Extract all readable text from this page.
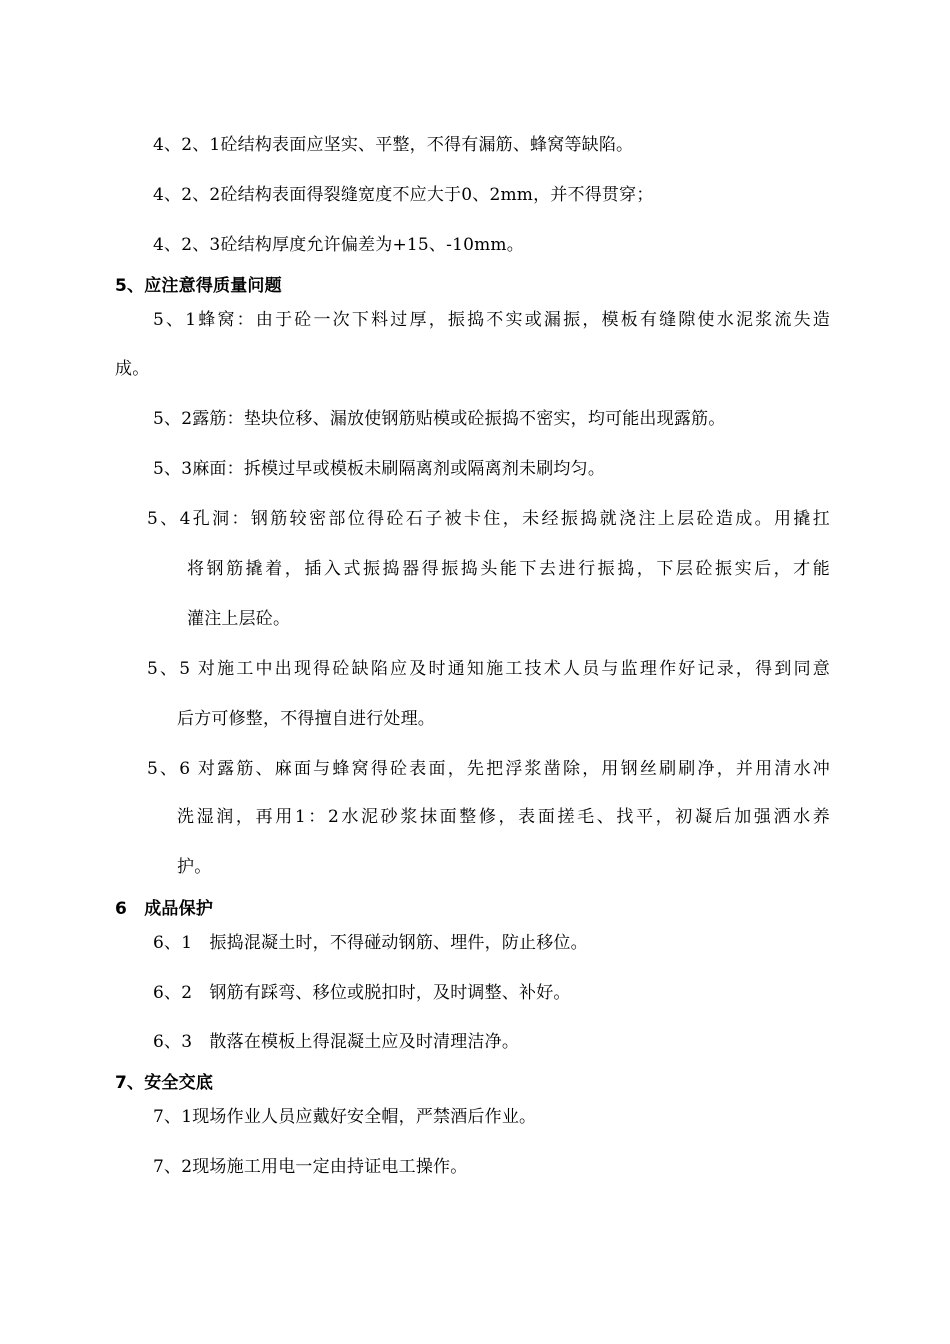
4、2、1砼结构表面应坚实、平整，不得有漏筋、蜂窝等缺陷。
4、2、2砼结构表面得裂缝宽度不应大于0、2mm，并不得贯穿；
4、2、3砼结构厚度允许偏差为+15、-10mm。
5、应注意得质量问题
5、1蜂窝：由于砼一次下料过厚，振捣不实或漏振，模板有缝隙使水泥浆流失造
成。
5、2露筋：垫块位移、漏放使钢筋贴模或砼振捣不密实，均可能出现露筋。
5、3麻面：拆模过早或模板未刷隔离剂或隔离剂未刷均匀。
5、4孔洞：钢筋较密部位得砼石子被卡住，未经振捣就浇注上层砼造成。用撬扛
将钢筋撬着，插入式振捣器得振捣头能下去进行振捣，下层砼振实后，才能
灌注上层砼。
5、5 对施工中出现得砼缺陷应及时通知施工技术人员与监理作好记录，得到同意
后方可修整，不得擅自进行处理。
5、6 对露筋、麻面与蜂窝得砼表面，先把浮浆凿除，用钢丝刷刷净，并用清水冲
洗湿润，再用1：2水泥砂浆抹面整修，表面搓毛、找平，初凝后加强洒水养
护。
6　成品保护
6、1　振捣混凝土时，不得碰动钢筋、埋件，防止移位。
6、2　钢筋有踩弯、移位或脱扣时，及时调整、补好。
6、3　散落在模板上得混凝土应及时清理洁净。
7、安全交底
7、1现场作业人员应戴好安全帽，严禁酒后作业。
7、2现场施工用电一定由持证电工操作。
